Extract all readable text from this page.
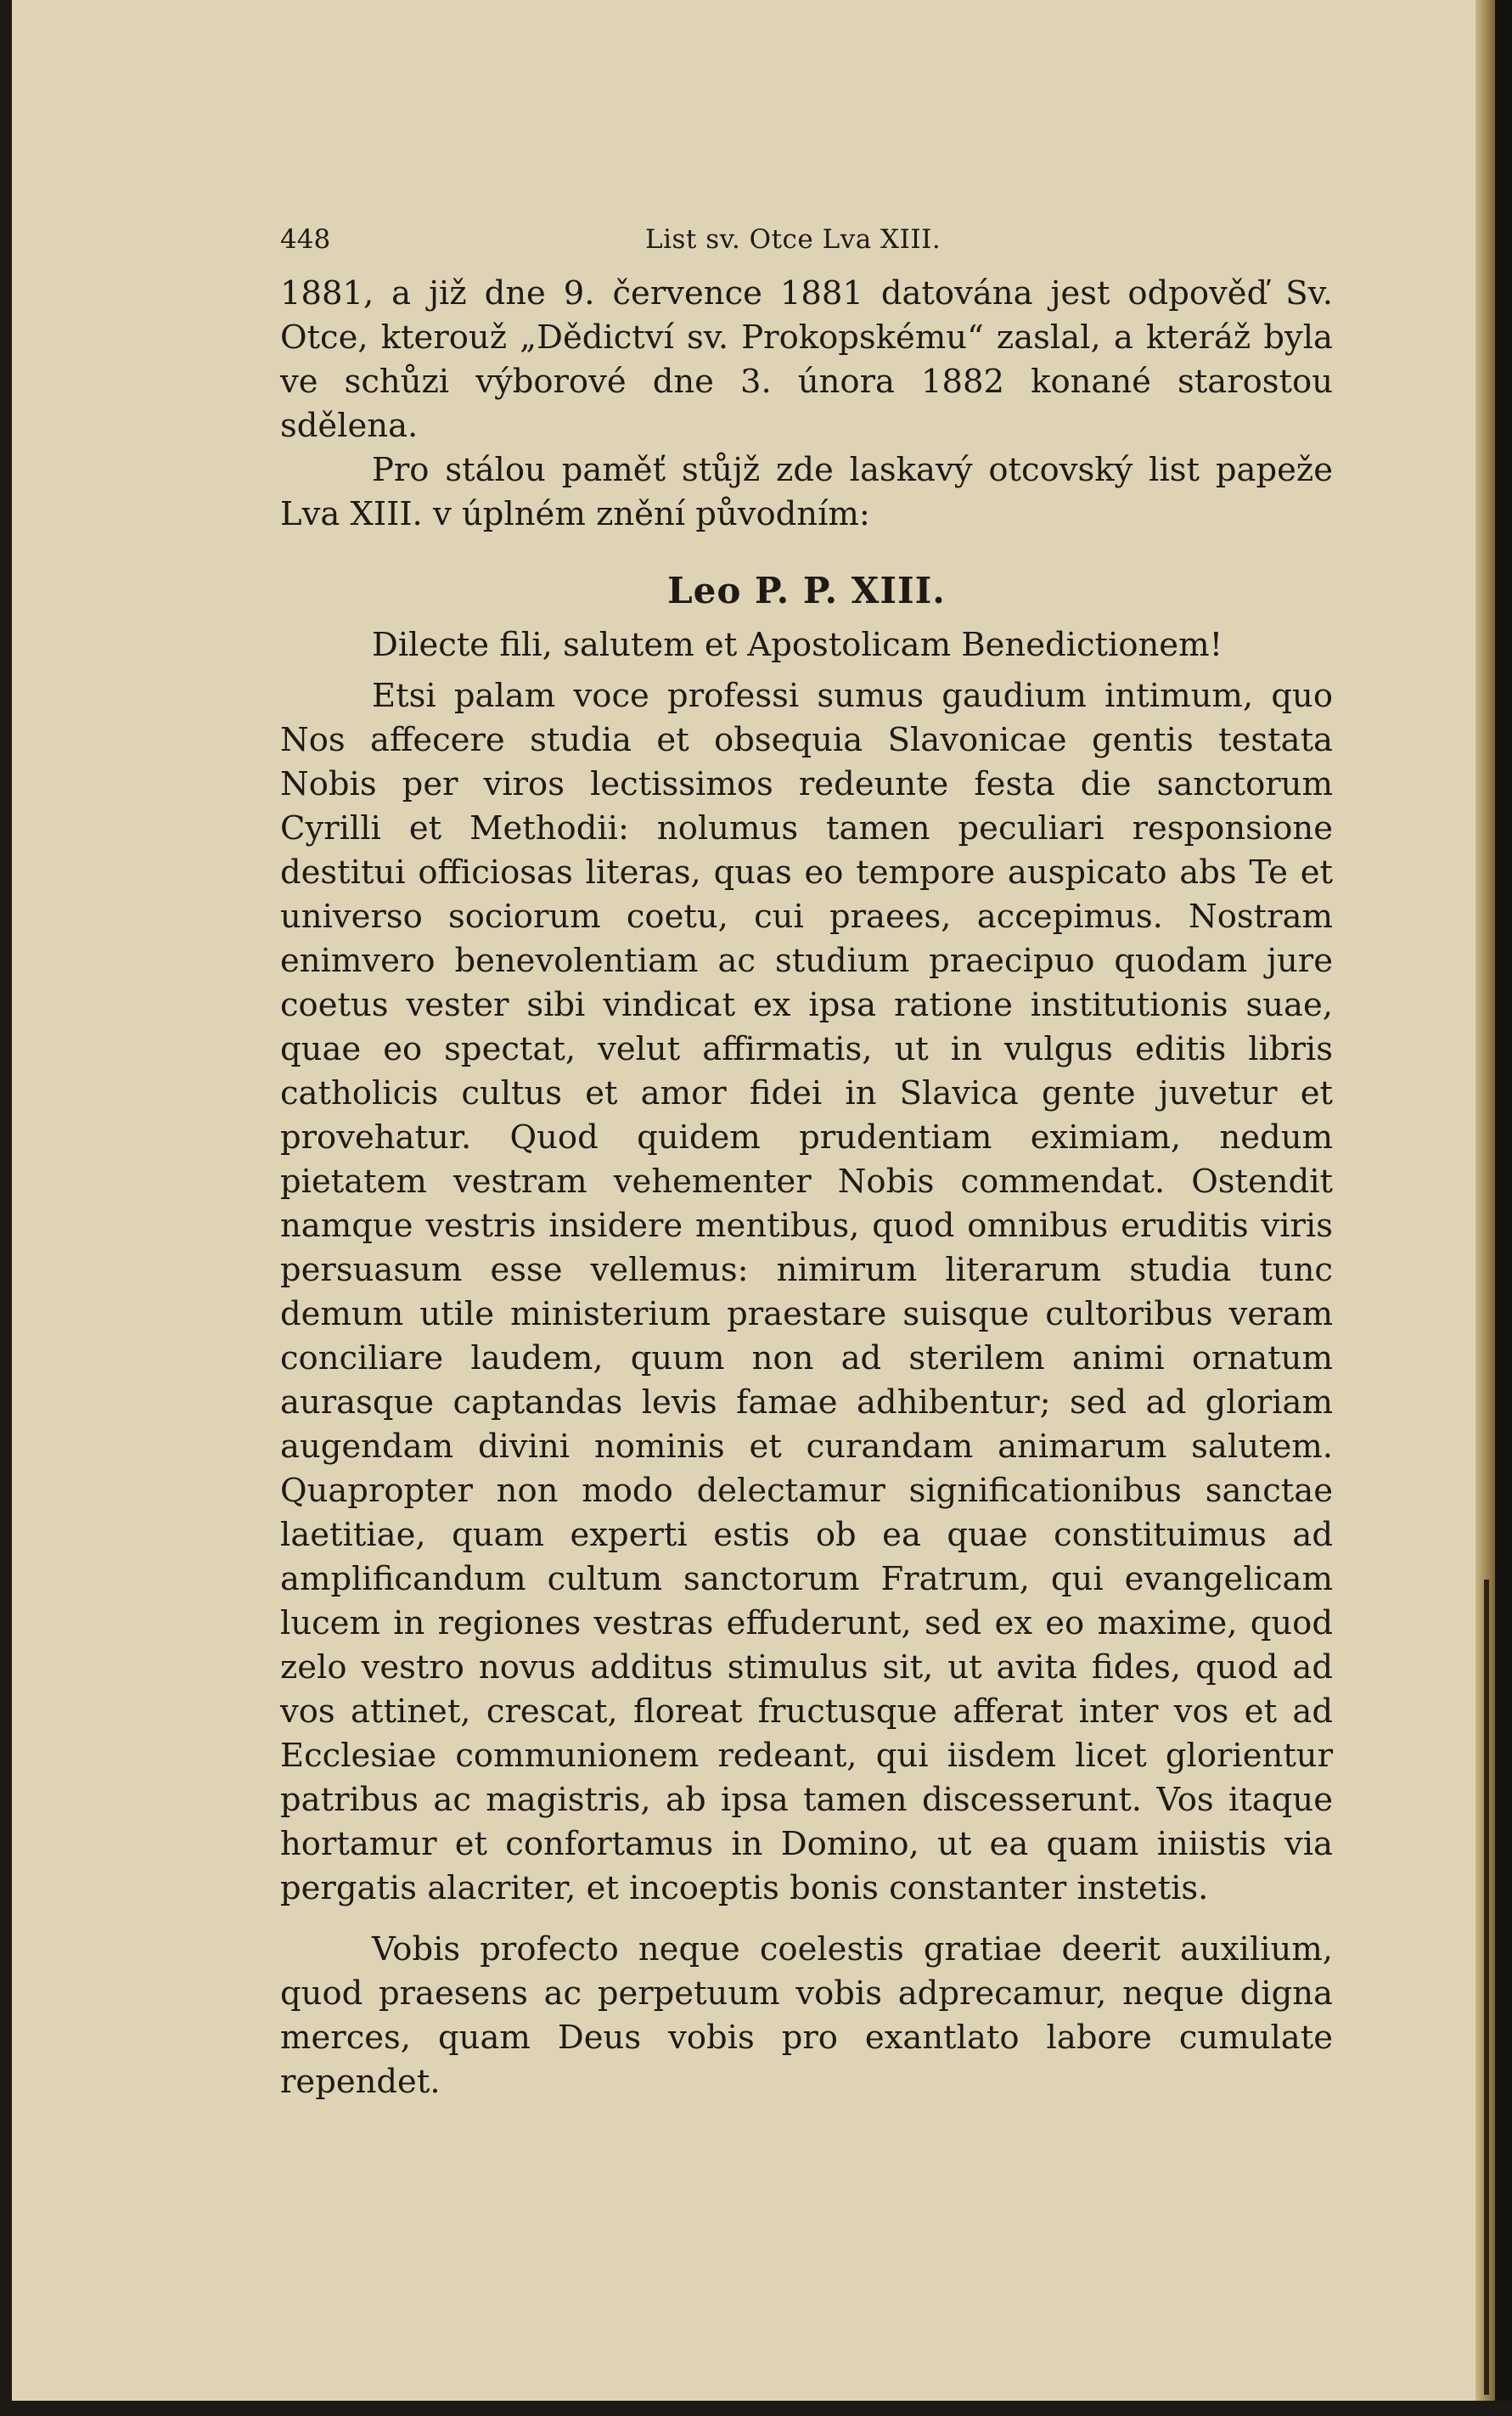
448	List sv. Otce Lva XIII.

1881, a již dne 9. července 1881 datována jest odpověď Sv. Otce, kterouž „Dědictví sv. Prokopskému“ zaslal, a kteráž byla ve schůzi výborové dne 3. února 1882 konané starostou sdělena.

Pro stálou paměť stůjž zde laskavý otcovský list papeže Lva XIII. v úplném znění původním:

Leo P. P. XIII.

Dilecte fili, salutem et Apostolicam Benedictionem!

Etsi palam voce professi sumus gaudium intimum, quo Nos affecere studia et obsequia Slavonicae gentis testata Nobis per viros lectissimos redeunte festa die sanctorum Cyrilli et Methodii: nolumus tamen peculiari responsione destitui officiosas literas, quas eo tempore auspicato abs Te et universo sociorum coetu, cui praees, accepimus. Nostram enimvero benevolentiam ac studium praecipuo quodam jure coetus vester sibi vindicat ex ipsa ratione institutionis suae, quae eo spectat, velut affirmatis, ut in vulgus editis libris catholicis cultus et amor fidei in Slavica gente juvetur et provehatur. Quod quidem prudentiam eximiam, nedum pietatem vestram vehementer Nobis commendat. Ostendit namque vestris insidere mentibus, quod omnibus eruditis viris persuasum esse vellemus: nimirum literarum studia tunc demum utile ministerium praestare suisque cultoribus veram conciliare laudem, quum non ad sterilem animi ornatum aurasque captandas levis famae adhibentur; sed ad gloriam augendam divini nominis et curandam animarum salutem. Quapropter non modo delectamur significationibus sanctae laetitiae, quam experti estis ob ea quae constituimus ad amplificandum cultum sanctorum Fratrum, qui evangelicam lucem in regiones vestras effuderunt, sed ex eo maxime, quod zelo vestro novus additus stimulus sit, ut avita fides, quod ad vos attinet, crescat, floreat fructusque afferat inter vos et ad Ecclesiae communionem redeant, qui iisdem licet glorientur patribus ac magistris, ab ipsa tamen discesserunt. Vos itaque hortamur et confortamus in Domino, ut ea quam iniistis via pergatis alacriter, et incoeptis bonis constanter instetis.

Vobis profecto neque coelestis gratiae deerit auxilium, quod praesens ac perpetuum vobis adprecamur, neque digna merces, quam Deus vobis pro exantlato labore cumulate rependet.
